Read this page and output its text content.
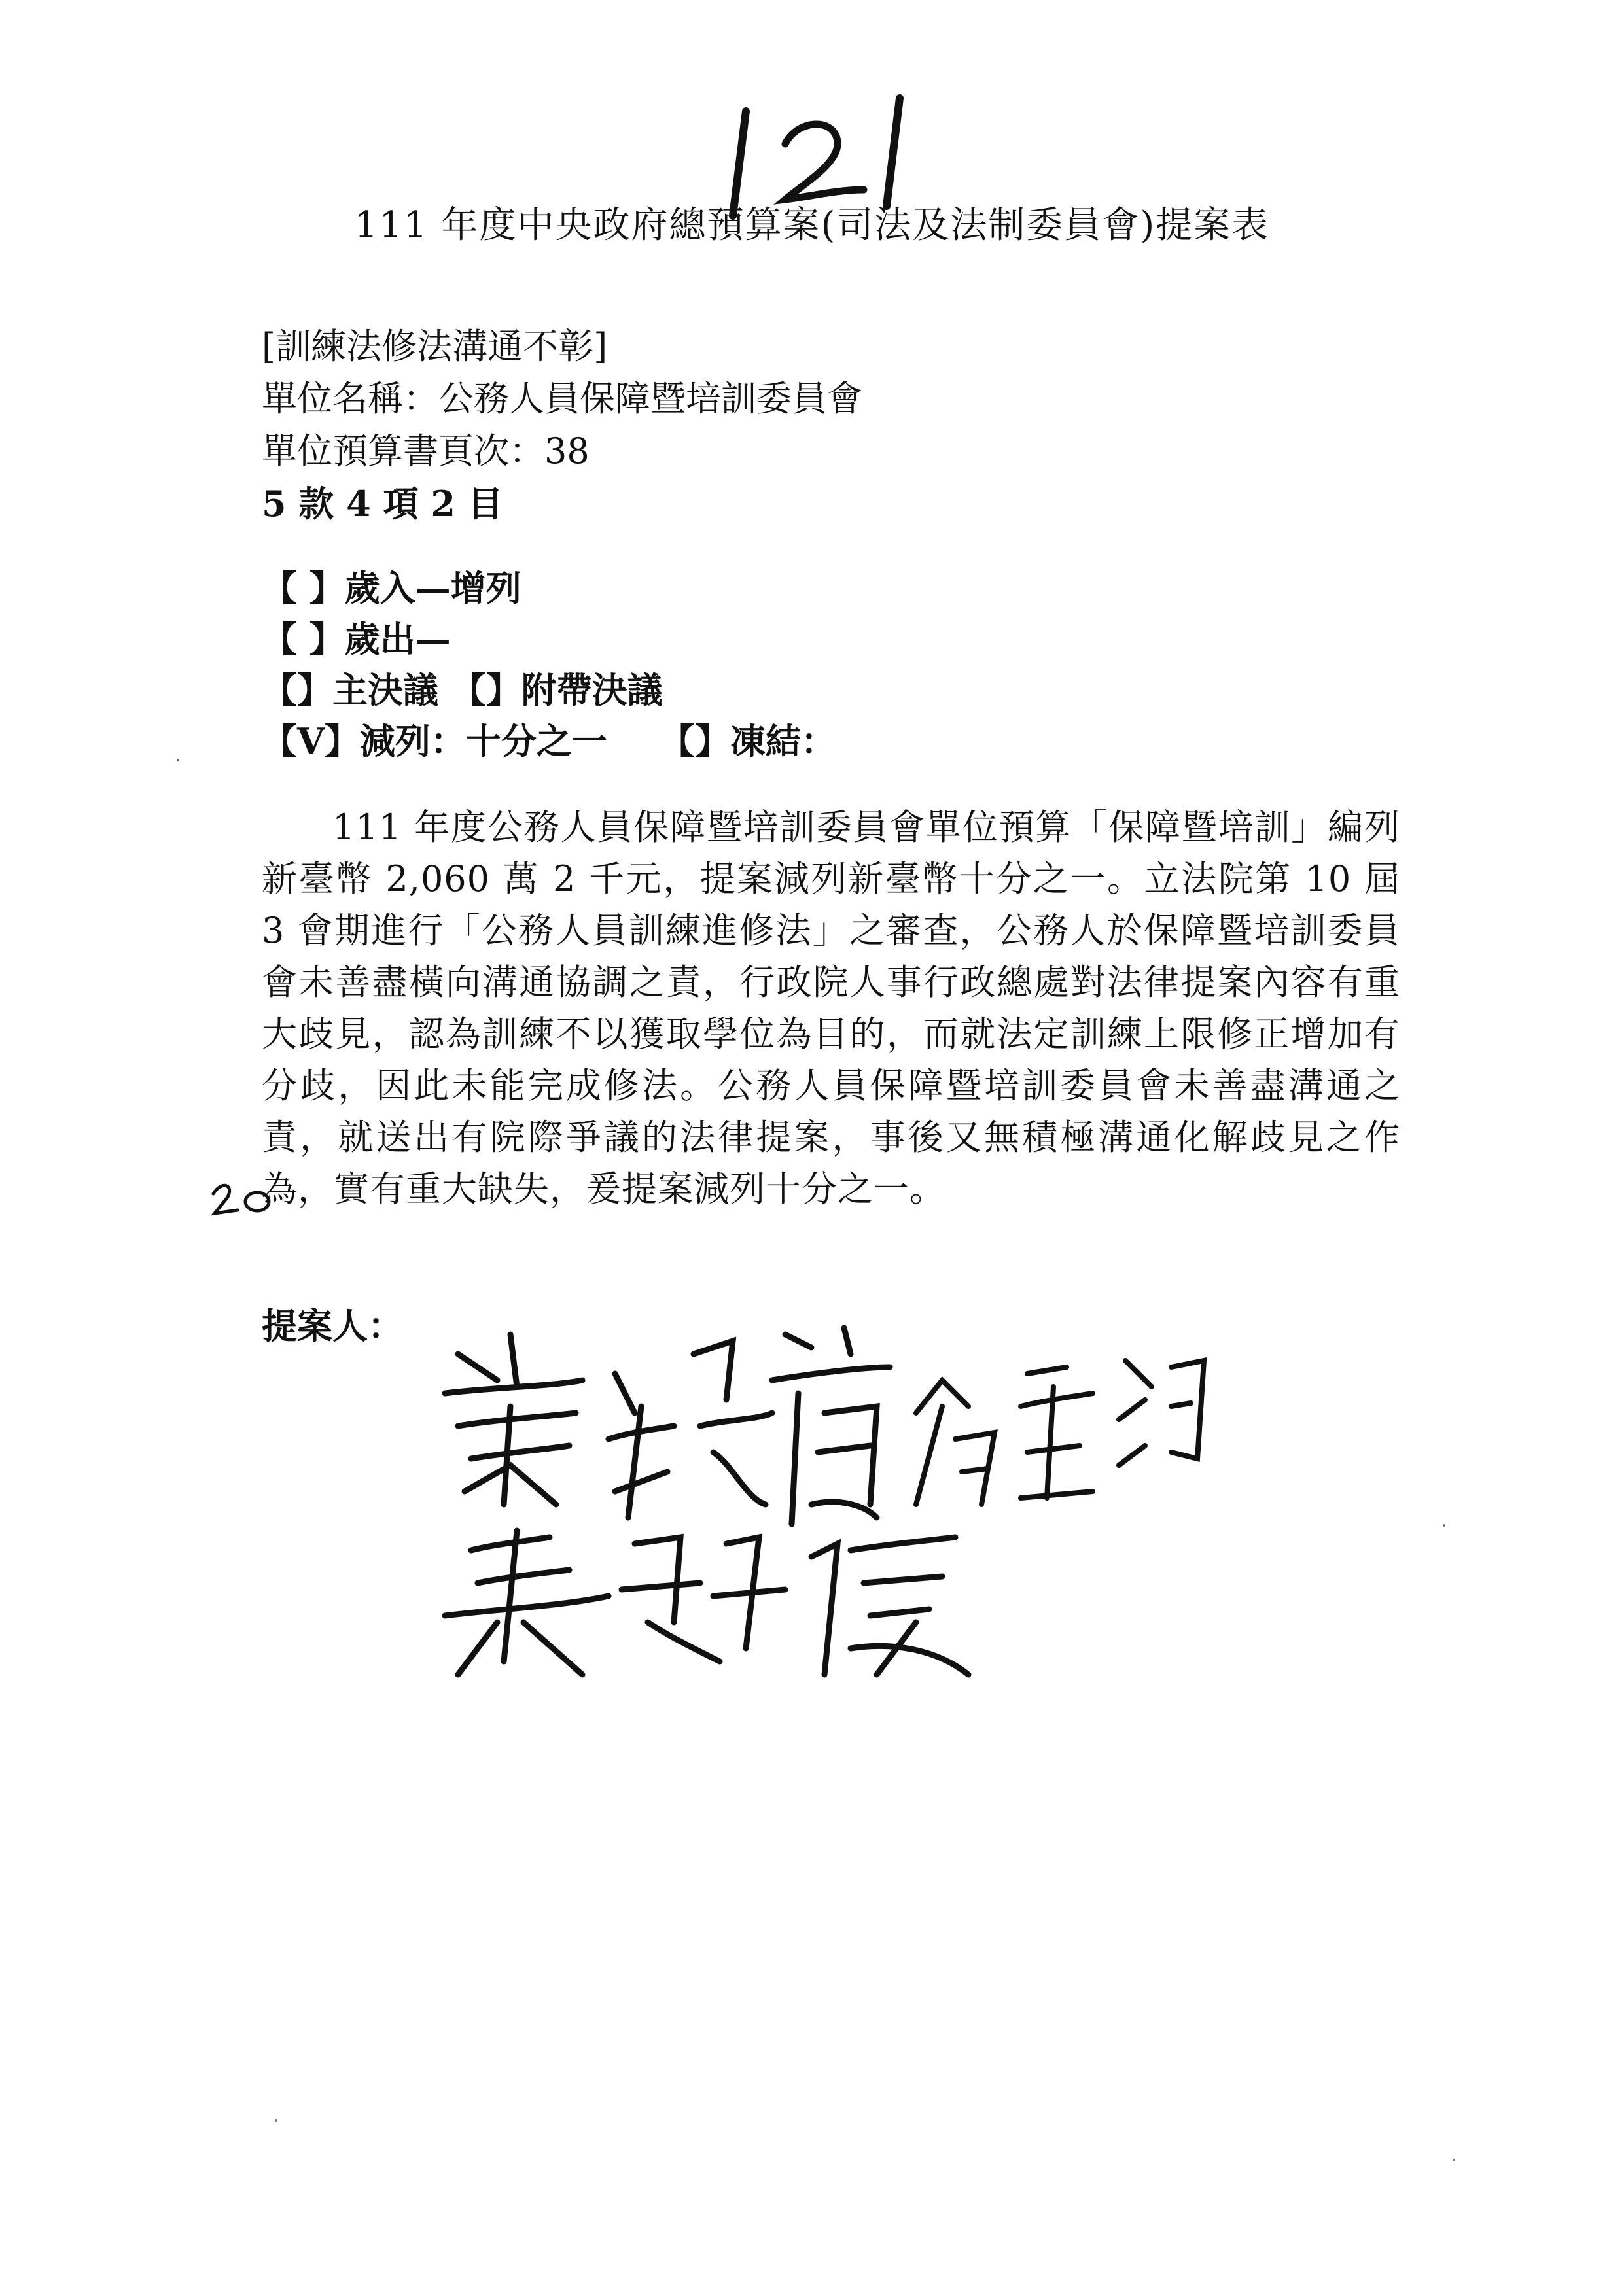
111 年度中央政府總預算案(司法及法制委員會)提案表
[訓練法修法溝通不彰]
單位名稱：公務人員保障暨培訓委員會
單位預算書頁次：38
5 款 4 項 2 目
【 】歲入—增列
【 】歲出—
【】主決議 【】附帶決議
【V】減列：十分之一 【】凍結：

111 年度公務人員保障暨培訓委員會單位預算「保障暨培訓」編列新臺幣 2,060 萬 2 千元，提案減列新臺幣十分之一。立法院第 10 屆 3 會期進行「公務人員訓練進修法」之審查，公務人於保障暨培訓委員會未善盡橫向溝通協調之責，行政院人事行政總處對法律提案內容有重大歧見，認為訓練不以獲取學位為目的，而就法定訓練上限修正增加有分歧，因此未能完成修法。公務人員保障暨培訓委員會未善盡溝通之責，就送出有院際爭議的法律提案，事後又無積極溝通化解歧見之作為，實有重大缺失，爰提案減列十分之一。

提案人：
